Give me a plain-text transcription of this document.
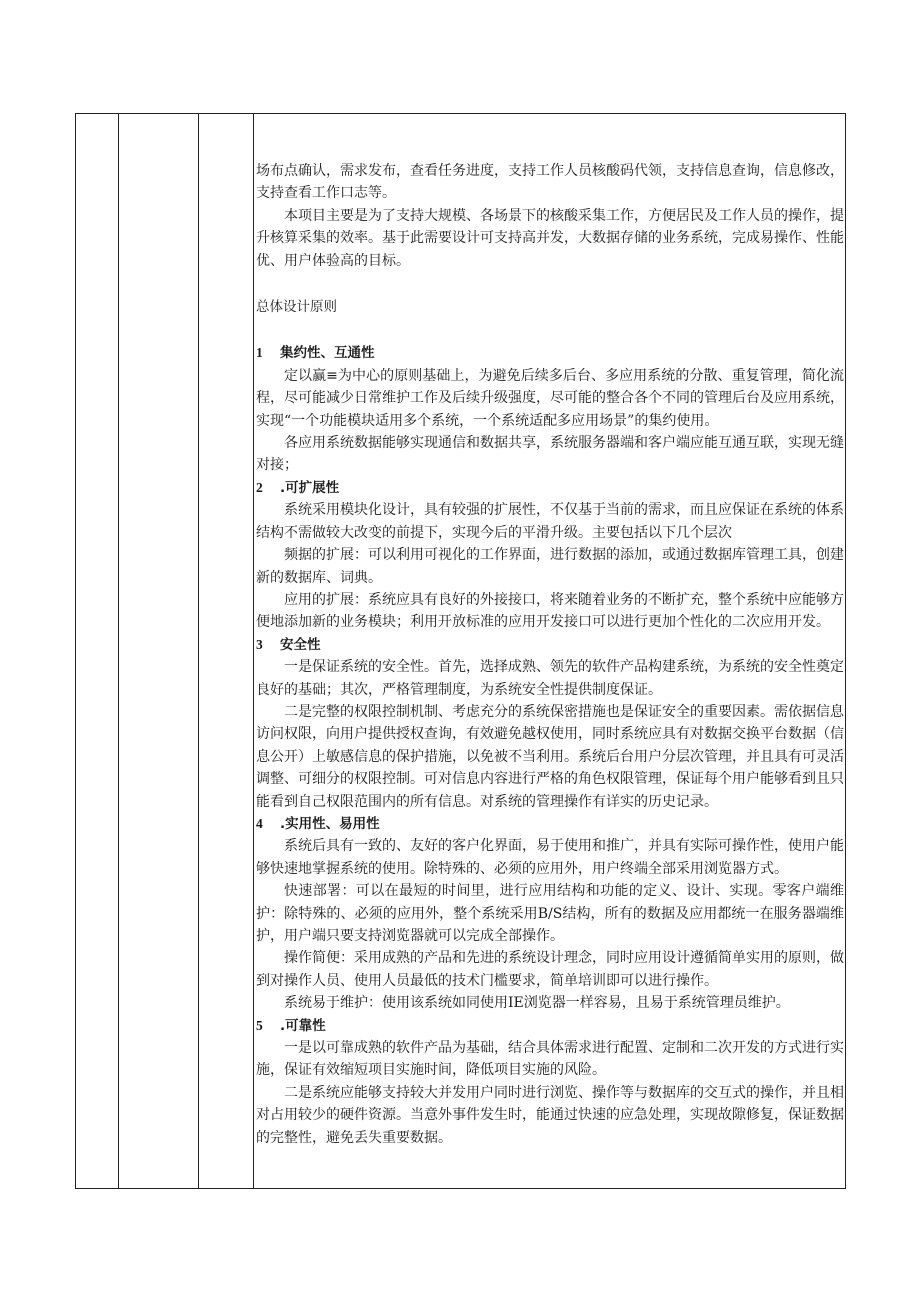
场布点确认，需求发布，查看任务进度，支持工作人员核酸码代领，支持信息查询，信息修改，支持查看工作口志等。

本项目主要是为了支持大规模、各场景下的核酸采集工作，方便居民及工作人员的操作，提升核算采集的效率。基于此需要设计可支持高并发，大数据存储的业务系统，完成易操作、性能优、用户体验高的目标。

总体设计原则

1 集约性、互通性

定以赢≡为中心的原则基础上，为避免后续多后台、多应用系统的分散、重复管理，简化流程，尽可能减少日常维护工作及后续升级强度，尽可能的整合各个不同的管理后台及应用系统，实现“一个功能模块适用多个系统，一个系统适配多应用场景”的集约使用。

各应用系统数据能够实现通信和数据共享，系统服务器端和客户端应能互通互联，实现无缝对接；

2 .可扩展性

系统采用模块化设计，具有较强的扩展性，不仅基于当前的需求，而且应保证在系统的体系结构不需做较大改变的前提下，实现今后的平滑升级。主要包括以下几个层次

频据的扩展：可以利用可视化的工作界面，进行数据的添加，或通过数据库管理工具，创建新的数据库、词典。

应用的扩展：系统应具有良好的外接接口，将来随着业务的不断扩充，整个系统中应能够方便地添加新的业务模块；利用开放标准的应用开发接口可以进行更加个性化的二次应用开发。

3 安全性

一是保证系统的安全性。首先，选择成熟、领先的软件产品构建系统，为系统的安全性奠定良好的基础；其次，严格管理制度，为系统安全性提供制度保证。

二是完整的权限控制机制、考虑充分的系统保密措施也是保证安全的重要因素。需依据信息访问权限，向用户提供授权查询，有效避免越权使用，同时系统应具有对数据交换平台数据（信息公开）上敏感信息的保护措施，以免被不当利用。系统后台用户分层次管理，并且具有可灵活调整、可细分的权限控制。可对信息内容进行严格的角色权限管理，保证每个用户能够看到且只能看到自己权限范围内的所有信息。对系统的管理操作有详实的历史记录。

4 .实用性、易用性

系统后具有一致的、友好的客户化界面，易于使用和推广，并具有实际可操作性，使用户能够快速地掌握系统的使用。除特殊的、必须的应用外，用户终端全部采用浏览器方式。

快速部署：可以在最短的时间里，进行应用结构和功能的定义、设计、实现。零客户端维护：除特殊的、必须的应用外，整个系统采用B/S结构，所有的数据及应用都统一在服务器端维护，用户端只要支持浏览器就可以完成全部操作。

操作简便：采用成熟的产品和先进的系统设计理念，同时应用设计遵循简单实用的原则，做到对操作人员、使用人员最低的技术门槛要求，简单培训即可以进行操作。

系统易于维护：使用该系统如同使用IE浏览器一样容易，且易于系统管理员维护。

5 .可靠性

一是以可靠成熟的软件产品为基础，结合具体需求进行配置、定制和二次开发的方式进行实施，保证有效缩短项目实施时间，降低项目实施的风险。

二是系统应能够支持较大并发用户同时进行浏览、操作等与数据库的交互式的操作，并且相对占用较少的硬件资源。当意外事件发生时，能通过快速的应急处理，实现故隙修复，保证数据的完整性，避免丢失重要数据。
